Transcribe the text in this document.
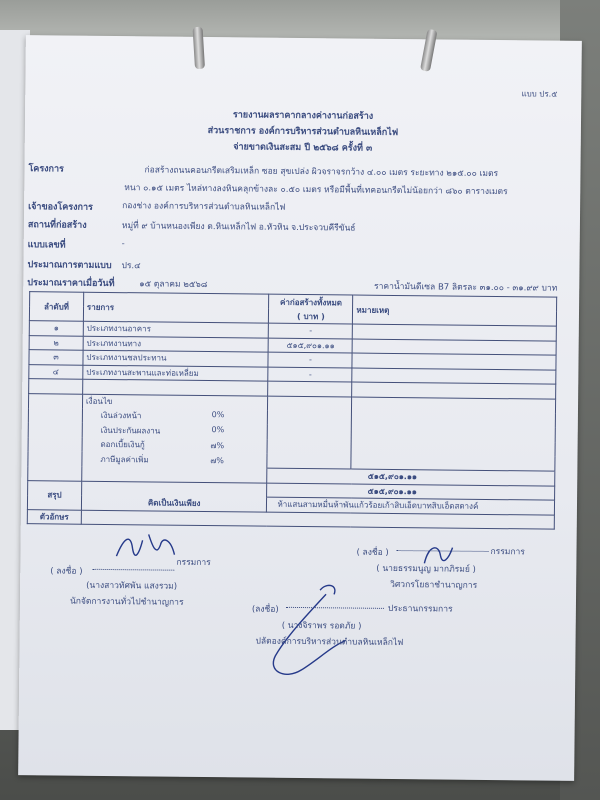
แบบ ปร.๕
รายงานผลราคากลางค่างานก่อสร้าง
ส่วนราชการ องค์การบริหารส่วนตำบลหินเหล็กไฟ
จ่ายขาดเงินสะสม ปี ๒๕๖๘ ครั้งที่ ๓
โครงการ	ก่อสร้างถนนคอนกรีตเสริมเหล็ก ซอย สุขเปล่ง ผิวจราจรกว้าง ๔.๐๐ เมตร ระยะทาง ๒๑๕.๐๐ เมตร
หนา ๐.๑๕ เมตร ไหล่ทางลงหินคลุกข้างละ ๐.๕๐ เมตร หรือมีพื้นที่เทคอนกรีตไม่น้อยกว่า ๘๖๐ ตารางเมตร
เจ้าของโครงการ	กองช่าง องค์การบริหารส่วนตำบลหินเหล็กไฟ
สถานที่ก่อสร้าง	หมู่ที่ ๙ บ้านหนองเพียง ต.หินเหล็กไฟ อ.หัวหิน จ.ประจวบคีรีขันธ์
แบบเลขที่	-
ประมาณการตามแบบ ปร.๔
ประมาณราคาเมื่อวันที่	๑๕ ตุลาคม ๒๕๖๘	ราคาน้ำมันดีเซล B7 ลิตรละ ๓๑.๐๐ - ๓๑.๙๙ บาท
ลำดับที่	รายการ	ค่าก่อสร้างทั้งหมด	หมายเหตุ
		( บาท )	
๑	ประเภทงานอาคาร	-	
๒	ประเภทงานทาง	๕๑๕,๙๐๑.๑๑	
๓	ประเภทงานชลประทาน	-	
๔	ประเภทงานสะพานและท่อเหลี่ยม	-	

	เงื่อนไข		
	เงินล่วงหน้า 0%		

	เงินประกันผลงาน 0%		

	ดอกเบี้ยเงินกู้ ๗%		

	ภาษีมูลค่าเพิ่ม ๗%		

		๕๑๕,๙๐๑.๑๑	
สรุป		๕๑๕,๙๐๑.๑๑	
	คิดเป็นเงินเพียง	ห้าแสนสามหมื่นห้าพันแก้วร้อยเก้าสิบเอ็ดบาทสิบเอ็ดสตางค์	
ตัวอักษร			
( ลงชื่อ )
กรรมการ
(นางสาวทัศพัน แสงรวม)
นักจัดการงานทั่วไปชำนาญการ
( ลงชื่อ )	กรรมการ
( นายธรรมนูญ มากภิรมย์ )
วิศวกรโยธาชำนาญการ
(ลงชื่อ)	ประธานกรรมการ
( นางจิราพร รอดภัย )
ปลัดองค์การบริหารส่วนตำบลหินเหล็กไฟ
